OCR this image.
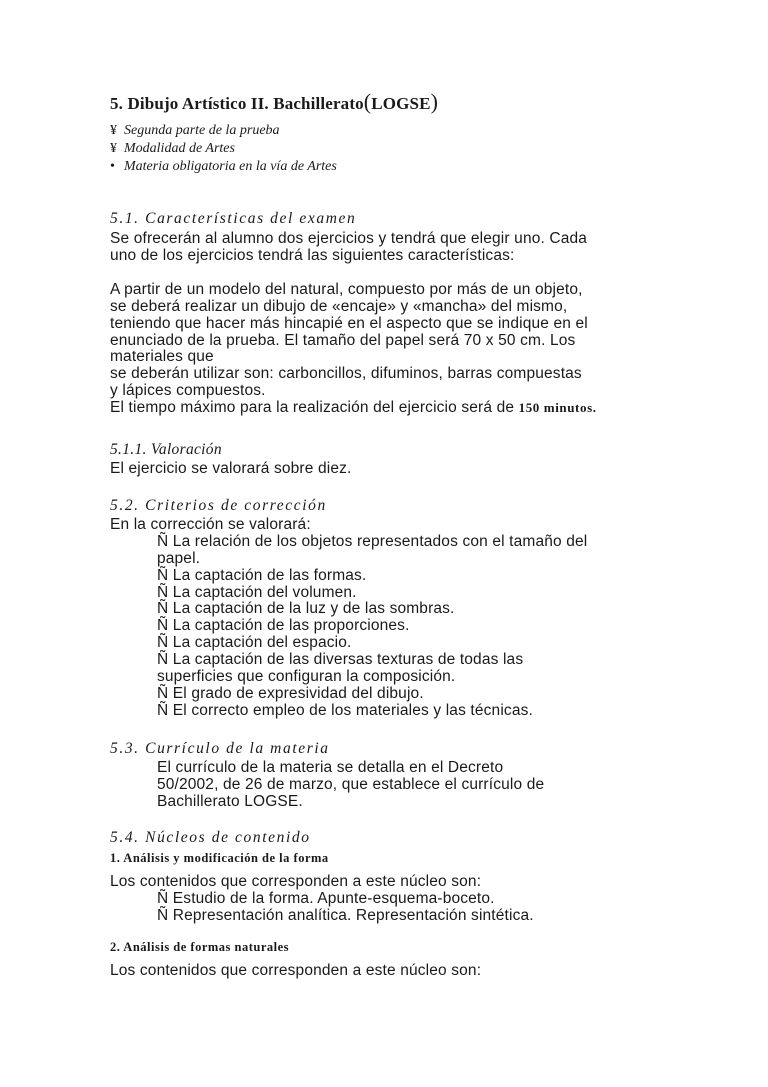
5. Dibujo Artístico II. Bachillerato(LOGSE)
¥ Segunda parte de la prueba
¥ Modalidad de Artes
• Materia obligatoria en la vía de Artes
5.1. Características del examen
Se ofrecerán al alumno dos ejercicios y tendrá que elegir uno. Cada
uno de los ejercicios tendrá las siguientes características:
A partir de un modelo del natural, compuesto por más de un objeto,
se deberá realizar un dibujo de «encaje» y «mancha» del mismo,
teniendo que hacer más hincapié en el aspecto que se indique en el
enunciado de la prueba. El tamaño del papel será 70 x 50 cm. Los
materiales que
se deberán utilizar son: carboncillos, difuminos, barras compuestas
y lápices compuestos.
El tiempo máximo para la realización del ejercicio será de 150 minutos.
5.1.1. Valoración
El ejercicio se valorará sobre diez.
5.2. Criterios de corrección
En la corrección se valorará:
Ñ La relación de los objetos representados con el tamaño del
papel.
Ñ La captación de las formas.
Ñ La captación del volumen.
Ñ La captación de la luz y de las sombras.
Ñ La captación de las proporciones.
Ñ La captación del espacio.
Ñ La captación de las diversas texturas de todas las
superficies que configuran la composición.
Ñ El grado de expresividad del dibujo.
Ñ El correcto empleo de los materiales y las técnicas.
5.3. Currículo de la materia
El currículo de la materia se detalla en el Decreto
50/2002, de 26 de marzo, que establece el currículo de
Bachillerato LOGSE.
5.4. Núcleos de contenido
1. Análisis y modificación de la forma
Los contenidos que corresponden a este núcleo son:
Ñ Estudio de la forma. Apunte-esquema-boceto.
Ñ Representación analítica. Representación sintética.
2. Análisis de formas naturales
Los contenidos que corresponden a este núcleo son:
